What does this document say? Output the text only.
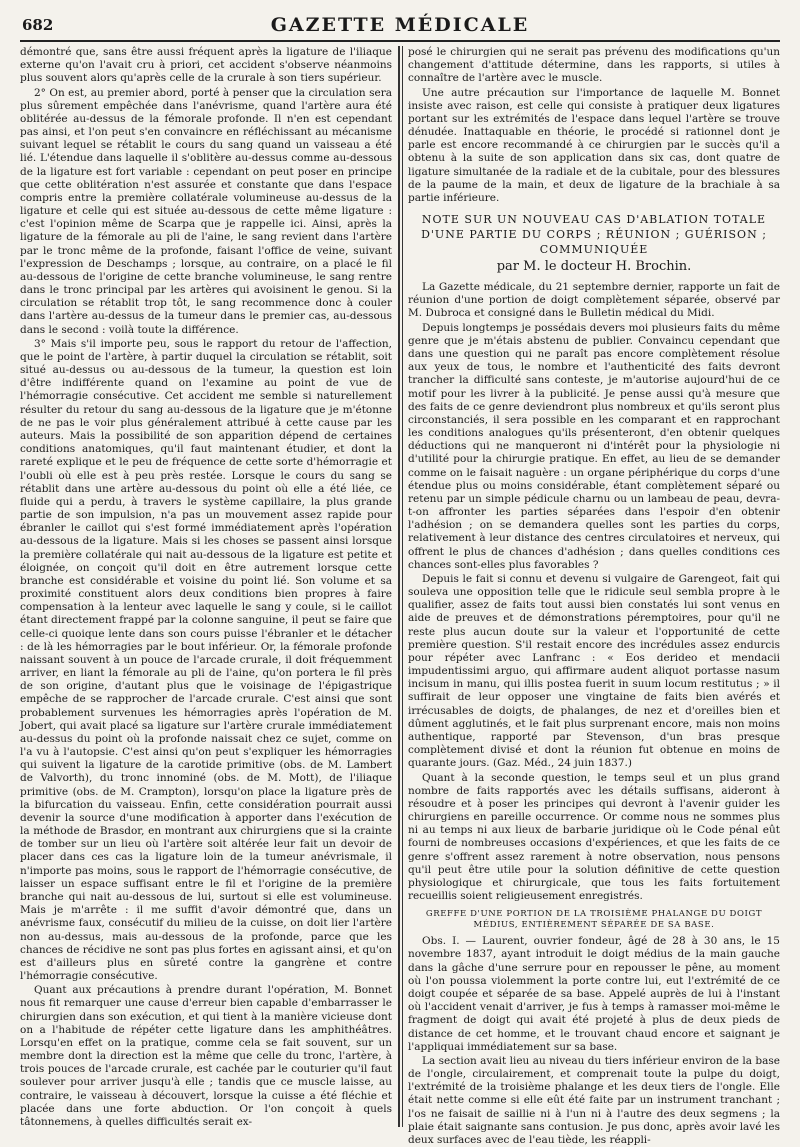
682	GAZETTE MÉDICALE

démontré que, sans être aussi fréquent après la ligature de l'iliaque externe qu'on l'avait cru à priori, cet accident s'observe néanmoins plus souvent alors qu'après celle de la crurale à son tiers supérieur.

2° On est, au premier abord, porté à penser que la circulation sera plus sûrement empêchée dans l'anévrisme, quand l'artère aura été oblitérée au-dessus de la fémorale profonde. Il n'en est cependant pas ainsi, et l'on peut s'en convaincre en réfléchissant au mécanisme suivant lequel se rétablit le cours du sang quand un vaisseau a été lié. L'étendue dans laquelle il s'oblitère au-dessus comme au-dessous de la ligature est fort variable : cependant on peut poser en principe que cette oblitération n'est assurée et constante que dans l'espace compris entre la première collatérale volumineuse au-dessus de la ligature et celle qui est située au-dessous de cette même ligature : c'est l'opinion même de Scarpa que je rappelle ici. Ainsi, après la ligature de la fémorale au pli de l'aine, le sang revient dans l'artère par le tronc même de la profonde, faisant l'office de veine, suivant l'expression de Deschamps ; lorsque, au contraire, on a placé le fil au-dessous de l'origine de cette branche volumineuse, le sang rentre dans le tronc principal par les artères qui avoisinent le genou. Si la circulation se rétablit trop tôt, le sang recommence donc à couler dans l'artère au-dessus de la tumeur dans le premier cas, au-dessous dans le second : voilà toute la différence.

3° Mais s'il importe peu, sous le rapport du retour de l'affection, que le point de l'artère, à partir duquel la circulation se rétablit, soit situé au-dessus ou au-dessous de la tumeur, la question est loin d'être indifférente quand on l'examine au point de vue de l'hémorragie consécutive. Cet accident me semble si naturellement résulter du retour du sang au-dessous de la ligature que je m'étonne de ne pas le voir plus généralement attribué à cette cause par les auteurs. Mais la possibilité de son apparition dépend de certaines conditions anatomiques, qu'il faut maintenant étudier, et dont la rareté explique et le peu de fréquence de cette sorte d'hémorragie et l'oubli où elle est à peu près restée. Lorsque le cours du sang se rétablit dans une artère au-dessous du point où elle a été liée, ce fluide qui a perdu, à travers le système capillaire, la plus grande partie de son impulsion, n'a pas un mouvement assez rapide pour ébranler le caillot qui s'est formé immédiatement après l'opération au-dessous de la ligature. Mais si les choses se passent ainsi lorsque la première collatérale qui nait au-dessous de la ligature est petite et éloignée, on conçoit qu'il doit en être autrement lorsque cette branche est considérable et voisine du point lié. Son volume et sa proximité constituent alors deux conditions bien propres à faire compensation à la lenteur avec laquelle le sang y coule, si le caillot étant directement frappé par la colonne sanguine, il peut se faire que celle-ci quoique lente dans son cours puisse l'ébranler et le détacher : de là les hémorragies par le bout inférieur. Or, la fémorale profonde naissant souvent à un pouce de l'arcade crurale, il doit fréquemment arriver, en liant la fémorale au pli de l'aine, qu'on portera le fil près de son origine, d'autant plus que le voisinage de l'épigastrique empêche de se rapprocher de l'arcade crurale. C'est ainsi que sont probablement survenues les hémorragies après l'opération de M. Jobert, qui avait placé sa ligature sur l'artère crurale immédiatement au-dessus du point où la profonde naissait chez ce sujet, comme on l'a vu à l'autopsie. C'est ainsi qu'on peut s'expliquer les hémorragies qui suivent la ligature de la carotide primitive (obs. de M. Lambert de Valvorth), du tronc innominé (obs. de M. Mott), de l'iliaque primitive (obs. de M. Crampton), lorsqu'on place la ligature près de la bifurcation du vaisseau. Enfin, cette considération pourrait aussi devenir la source d'une modification à apporter dans l'exécution de la méthode de Brasdor, en montrant aux chirurgiens que si la crainte de tomber sur un lieu où l'artère soit altérée leur fait un devoir de placer dans ces cas la ligature loin de la tumeur anévrismale, il n'importe pas moins, sous le rapport de l'hémorragie consécutive, de laisser un espace suffisant entre le fil et l'origine de la première branche qui nait au-dessous de lui, surtout si elle est volumineuse. Mais je m'arrête : il me suffit d'avoir démontré que, dans un anévrisme faux, consécutif du milieu de la cuisse, on doit lier l'artère non au-dessus, mais au-dessous de la profonde, parce que les chances de récidive ne sont pas plus fortes en agissant ainsi, et qu'on est d'ailleurs plus en sûreté contre la gangrène et contre l'hémorragie consécutive.

Quant aux précautions à prendre durant l'opération, M. Bonnet nous fit remarquer une cause d'erreur bien capable d'embarrasser le chirurgien dans son exécution, et qui tient à la manière vicieuse dont on a l'habitude de répéter cette ligature dans les amphithéâtres. Lorsqu'en effet on la pratique, comme cela se fait souvent, sur un membre dont la direction est la même que celle du tronc, l'artère, à trois pouces de l'arcade crurale, est cachée par le couturier qu'il faut soulever pour arriver jusqu'à elle ; tandis que ce muscle laisse, au contraire, le vaisseau à découvert, lorsque la cuisse a été fléchie et placée dans une forte abduction. Or l'on conçoit à quels tâtonnemens, à quelles difficultés serait ex-

posé le chirurgien qui ne serait pas prévenu des modifications qu'un changement d'attitude détermine, dans les rapports, si utiles à connaître de l'artère avec le muscle.

Une autre précaution sur l'importance de laquelle M. Bonnet insiste avec raison, est celle qui consiste à pratiquer deux ligatures portant sur les extrémités de l'espace dans lequel l'artère se trouve dénudée. Inattaquable en théorie, le procédé si rationnel dont je parle est encore recommandé à ce chirurgien par le succès qu'il a obtenu à la suite de son application dans six cas, dont quatre de ligature simultanée de la radiale et de la cubitale, pour des blessures de la paume de la main, et deux de ligature de la brachiale à sa partie inférieure.

NOTE SUR UN NOUVEAU CAS D'ABLATION TOTALE D'UNE PARTIE DU CORPS ; RÉUNION ; GUÉRISON ; COMMUNIQUÉE
par M. le docteur H. Brochin.

La Gazette médicale, du 21 septembre dernier, rapporte un fait de réunion d'une portion de doigt complètement séparée, observé par M. Dubroca et consigné dans le Bulletin médical du Midi.

Depuis longtemps je possédais devers moi plusieurs faits du même genre que je m'étais abstenu de publier. Convaincu cependant que dans une question qui ne paraît pas encore complètement résolue aux yeux de tous, le nombre et l'authenticité des faits devront trancher la difficulté sans conteste, je m'autorise aujourd'hui de ce motif pour les livrer à la publicité. Je pense aussi qu'à mesure que des faits de ce genre deviendront plus nombreux et qu'ils seront plus circonstanciés, il sera possible en les comparant et en rapprochant les conditions analogues qu'ils présenteront, d'en obtenir quelques déductions qui ne manqueront ni d'intérêt pour la physiologie ni d'utilité pour la chirurgie pratique. En effet, au lieu de se demander comme on le faisait naguère : un organe périphérique du corps d'une étendue plus ou moins considérable, étant complètement séparé ou retenu par un simple pédicule charnu ou un lambeau de peau, devra-t-on affronter les parties séparées dans l'espoir d'en obtenir l'adhésion ; on se demandera quelles sont les parties du corps, relativement à leur distance des centres circulatoires et nerveux, qui offrent le plus de chances d'adhésion ; dans quelles conditions ces chances sont-elles plus favorables ?

Depuis le fait si connu et devenu si vulgaire de Garengeot, fait qui souleva une opposition telle que le ridicule seul sembla propre à le qualifier, assez de faits tout aussi bien constatés lui sont venus en aide de preuves et de démonstrations péremptoires, pour qu'il ne reste plus aucun doute sur la valeur et l'opportunité de cette première question. S'il restait encore des incrédules assez endurcis pour répéter avec Lanfranc : « Eos derideo et mendacii impudentissimi arguo, qui affirmare audent aliquot portasse nasum incisum in manu, qui illis postea fuerit in suum locum restitutus ; » il suffirait de leur opposer une vingtaine de faits bien avérés et irrécusables de doigts, de phalanges, de nez et d'oreilles bien et dûment agglutinés, et le fait plus surprenant encore, mais non moins authentique, rapporté par Stevenson, d'un bras presque complètement divisé et dont la réunion fut obtenue en moins de quarante jours. (Gaz. Méd., 24 juin 1837.)

Quant à la seconde question, le temps seul et un plus grand nombre de faits rapportés avec les détails suffisans, aideront à résoudre et à poser les principes qui devront à l'avenir guider les chirurgiens en pareille occurrence. Or comme nous ne sommes plus ni au temps ni aux lieux de barbarie juridique où le Code pénal eût fourni de nombreuses occasions d'expériences, et que les faits de ce genre s'offrent assez rarement à notre observation, nous pensons qu'il peut être utile pour la solution définitive de cette question physiologique et chirurgicale, que tous les faits fortuitement recueillis soient religieusement enregistrés.

GREFFE D'UNE PORTION DE LA TROISIÈME PHALANGE DU DOIGT MÉDIUS, ENTIÈREMENT SÉPARÉE DE SA BASE.

Obs. I. — Laurent, ouvrier fondeur, âgé de 28 à 30 ans, le 15 novembre 1837, ayant introduit le doigt médius de la main gauche dans la gâche d'une serrure pour en repousser le pêne, au moment où l'on poussa violemment la porte contre lui, eut l'extrémité de ce doigt coupée et séparée de sa base. Appelé auprès de lui à l'instant où l'accident venait d'arriver, je fus à temps à ramasser moi-même le fragment de doigt qui avait été projeté à plus de deux pieds de distance de cet homme, et le trouvant chaud encore et saignant je l'appliquai immédiatement sur sa base.

La section avait lieu au niveau du tiers inférieur environ de la base de l'ongle, circulairement, et comprenait toute la pulpe du doigt, l'extrémité de la troisième phalange et les deux tiers de l'ongle. Elle était nette comme si elle eût été faite par un instrument tranchant ; l'os ne faisait de saillie ni à l'un ni à l'autre des deux segmens ; la plaie était saignante sans contusion. Je pus donc, après avoir lavé les deux surfaces avec de l'eau tiède, les réappli-
